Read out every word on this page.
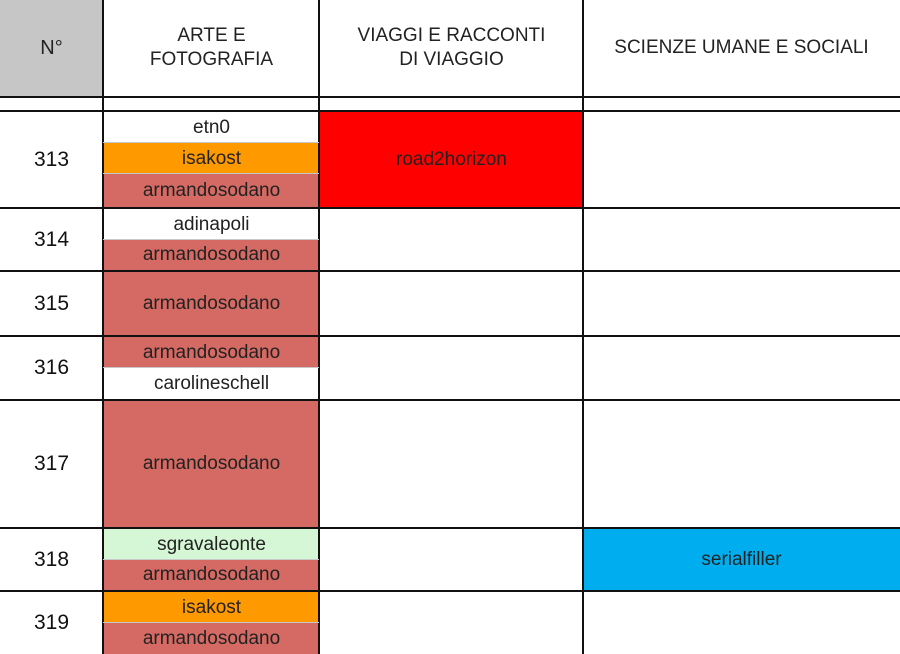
N°
ARTE E
FOTOGRAFIA
VIAGGI E RACCONTI
DI VIAGGIO
SCIENZE UMANE E SOCIALI
313
etn0
isakost
armandosodano
road2horizon
314
adinapoli
armandosodano
315	armandosodano
316
armandosodano
carolineschell
317	armandosodano
318
sgravaleonte
armandosodano
serialfiller
319
isakost
armandosodano
